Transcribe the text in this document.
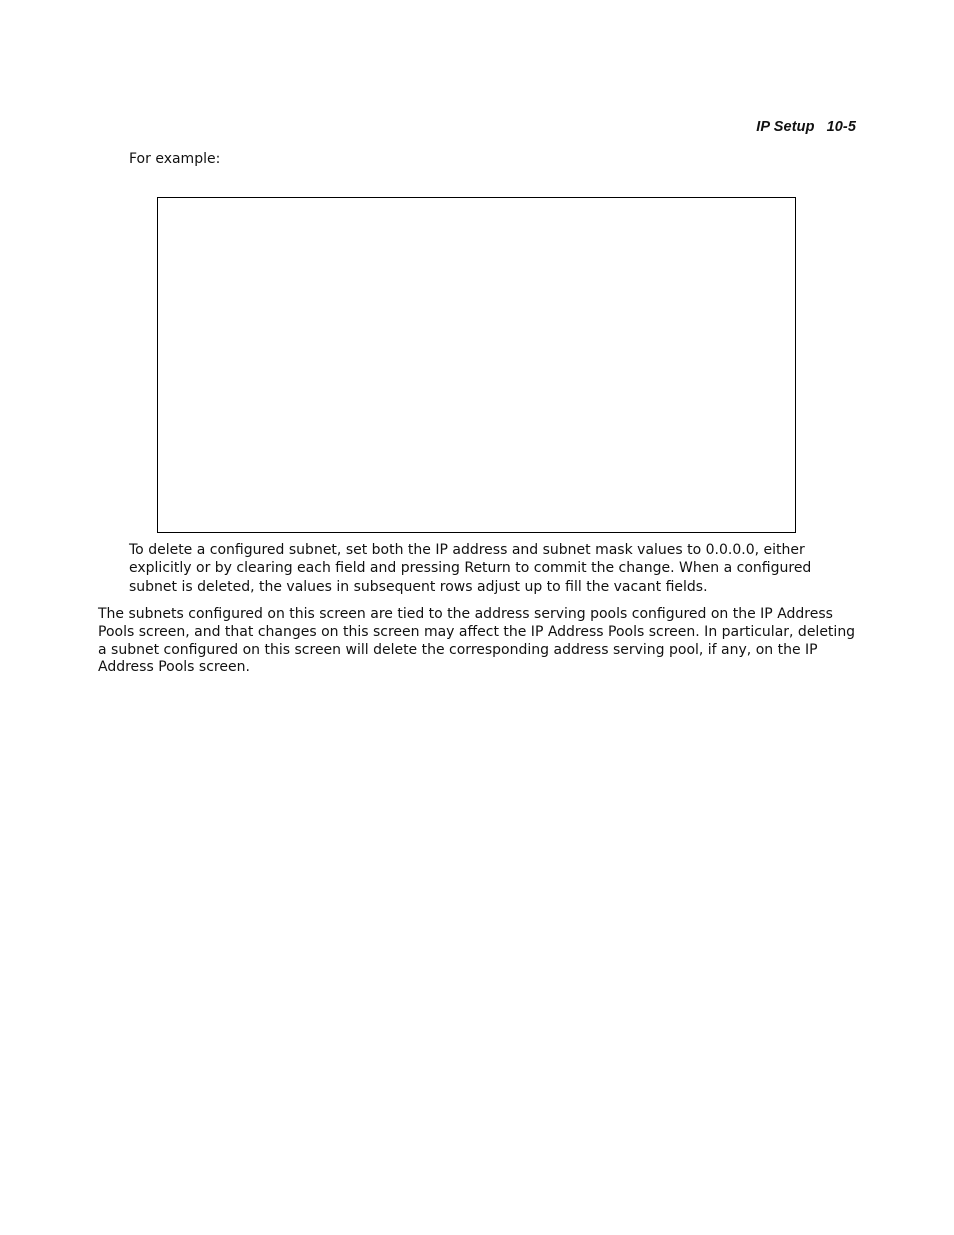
IP Setup 10-5

For example:

To delete a configured subnet, set both the IP address and subnet mask values to 0.0.0.0, either explicitly or by clearing each field and pressing Return to commit the change. When a configured subnet is deleted, the values in subsequent rows adjust up to fill the vacant fields.

The subnets configured on this screen are tied to the address serving pools configured on the IP Address Pools screen, and that changes on this screen may affect the IP Address Pools screen. In particular, deleting a subnet configured on this screen will delete the corresponding address serving pool, if any, on the IP Address Pools screen.
